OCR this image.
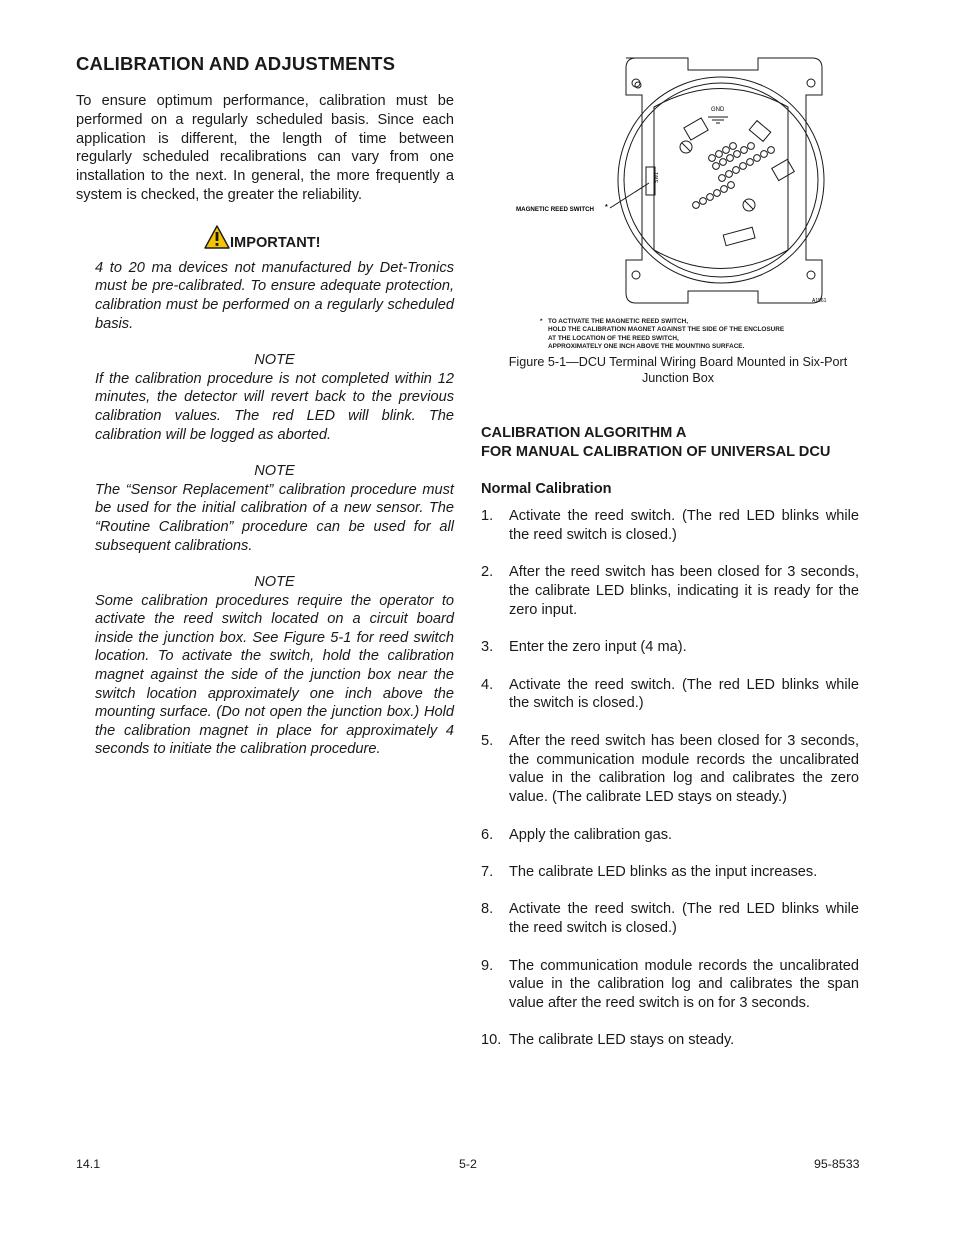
CALIBRATION AND ADJUSTMENTS

To ensure optimum performance, calibration must be performed on a regularly scheduled basis. Since each application is different, the length of time between regularly scheduled recalibrations can vary from one installation to the next. In general, the more frequently a system is checked, the greater the reliability.

IMPORTANT!

4 to 20 ma devices not manufactured by Det-Tronics must be pre-calibrated. To ensure adequate protection, calibration must be performed on a regularly scheduled basis.

NOTE

If the calibration procedure is not completed within 12 minutes, the detector will revert back to the previous calibration values. The red LED will blink. The calibration will be logged as aborted.

NOTE

The “Sensor Replacement” calibration procedure must be used for the initial calibration of a new sensor. The “Routine Calibration” procedure can be used for all subsequent calibrations.

NOTE

Some calibration procedures require the operator to activate the reed switch located on a circuit board inside the junction box. See Figure 5-1 for reed switch location. To activate the switch, hold the calibration magnet against the side of the junction box near the switch location approximately one inch above the mounting surface. (Do not open the junction box.) Hold the calibration magnet in place for approximately 4 seconds to initiate the calibration procedure.

GND
SW1
MAGNETIC REED SWITCH *
A1561
* TO ACTIVATE THE MAGNETIC REED SWITCH,
HOLD THE CALIBRATION MAGNET AGAINST THE SIDE OF THE ENCLOSURE
AT THE LOCATION OF THE REED SWITCH,
APPROXIMATELY ONE INCH ABOVE THE MOUNTING SURFACE.
Figure 5-1—DCU Terminal Wiring Board Mounted in Six-Port
Junction Box

CALIBRATION ALGORITHM A

FOR MANUAL CALIBRATION OF UNIVERSAL DCU

Normal Calibration

1.	Activate the reed switch. (The red LED blinks while the reed switch is closed.)
2.	After the reed switch has been closed for 3 seconds, the calibrate LED blinks, indicating it is ready for the zero input.
3.	Enter the zero input (4 ma).
4.	Activate the reed switch. (The red LED blinks while the switch is closed.)
5.	After the reed switch has been closed for 3 seconds, the communication module records the uncalibrated value in the calibration log and calibrates the zero value. (The calibrate LED stays on steady.)
6.	Apply the calibration gas.
7.	The calibrate LED blinks as the input increases.
8.	Activate the reed switch. (The red LED blinks while the reed switch is closed.)
9.	The communication module records the uncalibrated value in the calibration log and calibrates the span value after the reed switch is on for 3 seconds.
10. The calibrate LED stays on steady.
14.1	5-2	95-8533
